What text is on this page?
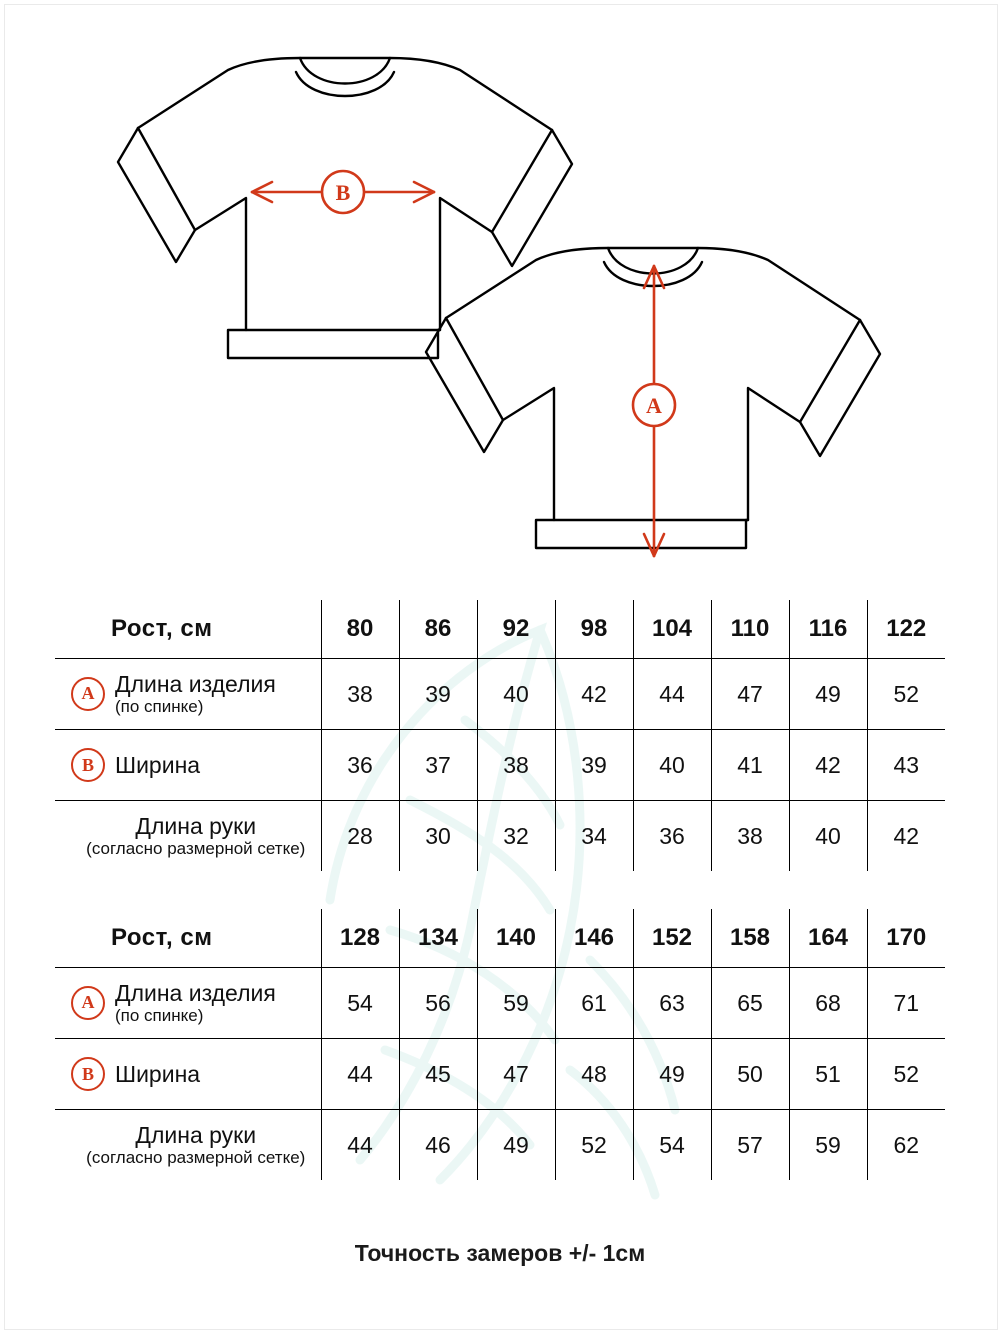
B
A
Рост, см	80	86	92	98	104	110	116	122

A Длина изделия
(по спинке)	38	39	40	42	44	47	49	52

B Ширина	36	37	38	39	40	41	42	43

Длина руки
(согласно размерной сетке)	28	30	32	34	36	38	40	42
Рост, см	128	134	140	146	152	158	164	170

A Длина изделия
(по спинке)	54	56	59	61	63	65	68	71

B Ширина	44	45	47	48	49	50	51	52

Длина руки
(согласно размерной сетке)	44	46	49	52	54	57	59	62
Точность замеров +/- 1см
